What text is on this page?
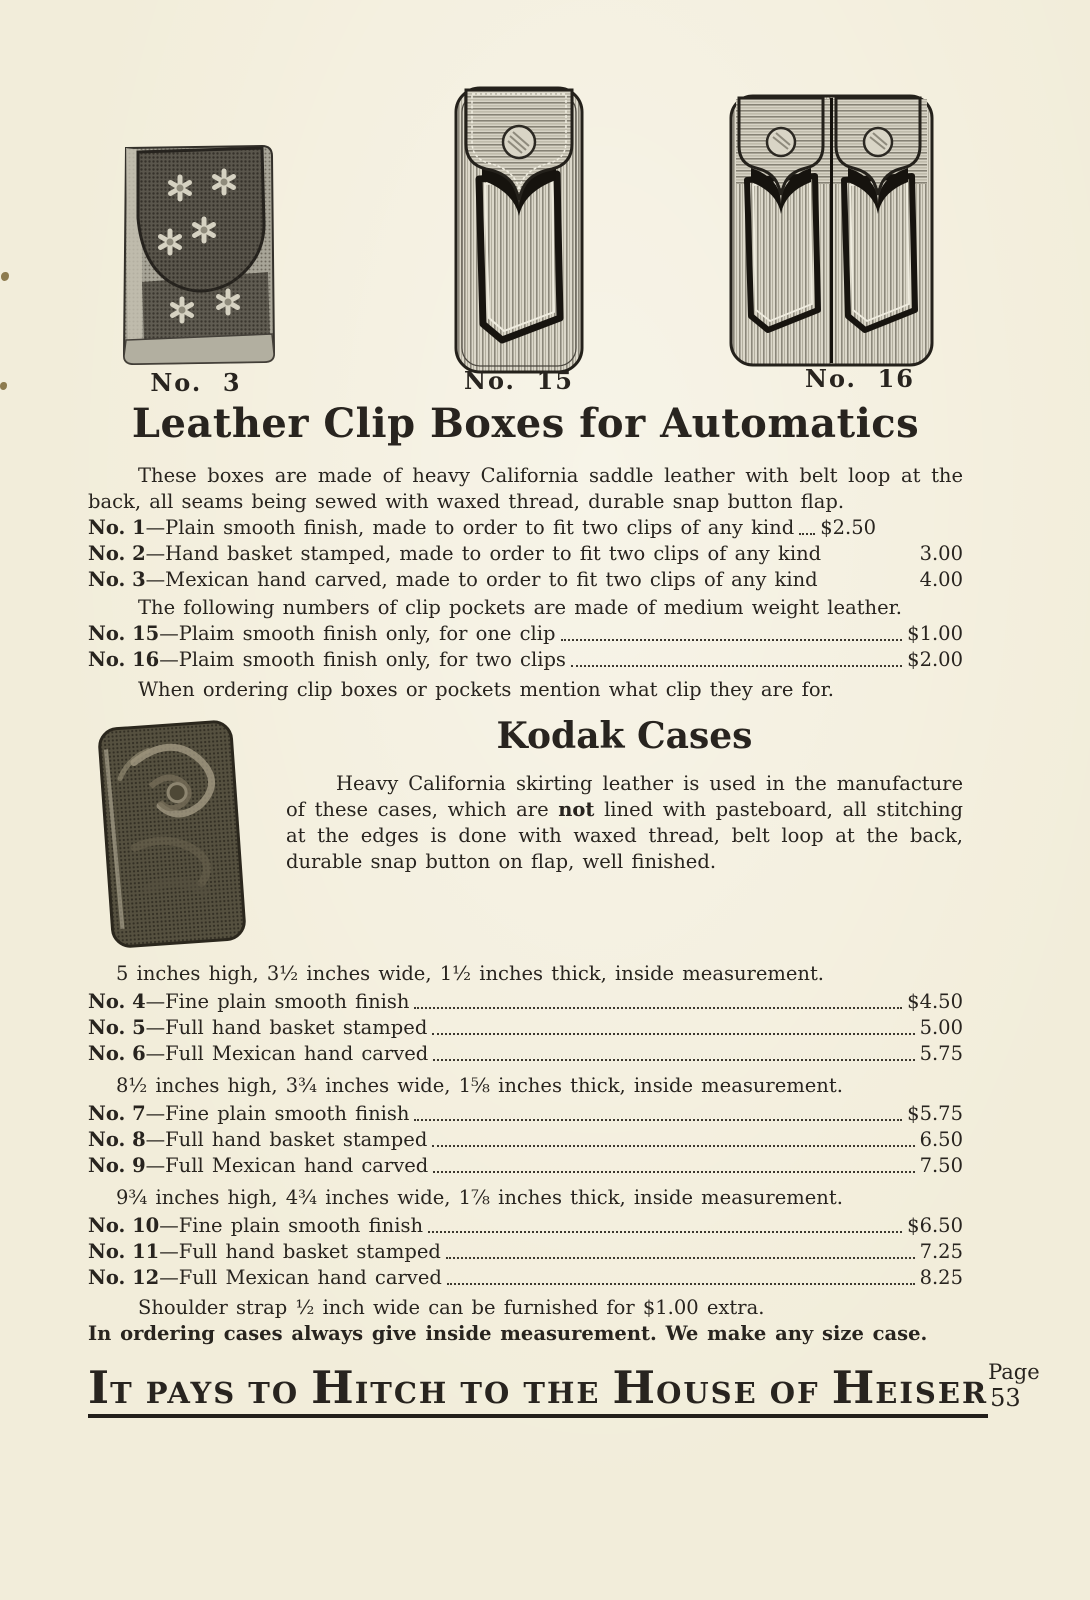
No.  3	No.  15	No.  16
Leather Clip Boxes for Automatics

These boxes are made of heavy California saddle leather with belt loop at the back, all seams being sewed with waxed thread, durable snap button flap.

No. 1 —Plain smooth finish, made to order to fit two clips of any kind $2.50
No. 2 —Hand basket stamped, made to order to fit two clips of any kind	3.00
No. 3 —Mexican hand carved, made to order to fit two clips of any kind	4.00

The following numbers of clip pockets are made of medium weight leather.

No. 15 —Plaim smooth finish only, for one clip	$1.00
No. 16 —Plaim smooth finish only, for two clips	$2.00

When ordering clip boxes or pockets mention what clip they are for.

Kodak Cases

Heavy California skirting leather is used in the manufacture of these cases, which are not lined with pasteboard, all stitching at the edges is done with waxed thread, belt loop at the back, durable snap button on flap, well finished.

5 inches high, 3½ inches wide, 1½ inches thick, inside measurement.
No. 4 —Fine plain smooth finish	$4.50
No. 5 —Full hand basket stamped	5.00
No. 6 —Full Mexican hand carved	5.75
8½ inches high, 3¾ inches wide, 1⅝ inches thick, inside measurement.
No. 7 —Fine plain smooth finish	$5.75
No. 8 —Full hand basket stamped	6.50
No. 9 —Full Mexican hand carved	7.50
9¾ inches high, 4¾ inches wide, 1⅞ inches thick, inside measurement.
No. 10 —Fine plain smooth finish	$6.50
No. 11 —Full hand basket stamped	7.25
No. 12 —Full Mexican hand carved	8.25

Shoulder strap ½ inch wide can be furnished for $1.00 extra.

In ordering cases always give inside measurement. We make any size case.

IT PAYS TO HITCH TO THE HOUSE OF HEISER
Page
53
